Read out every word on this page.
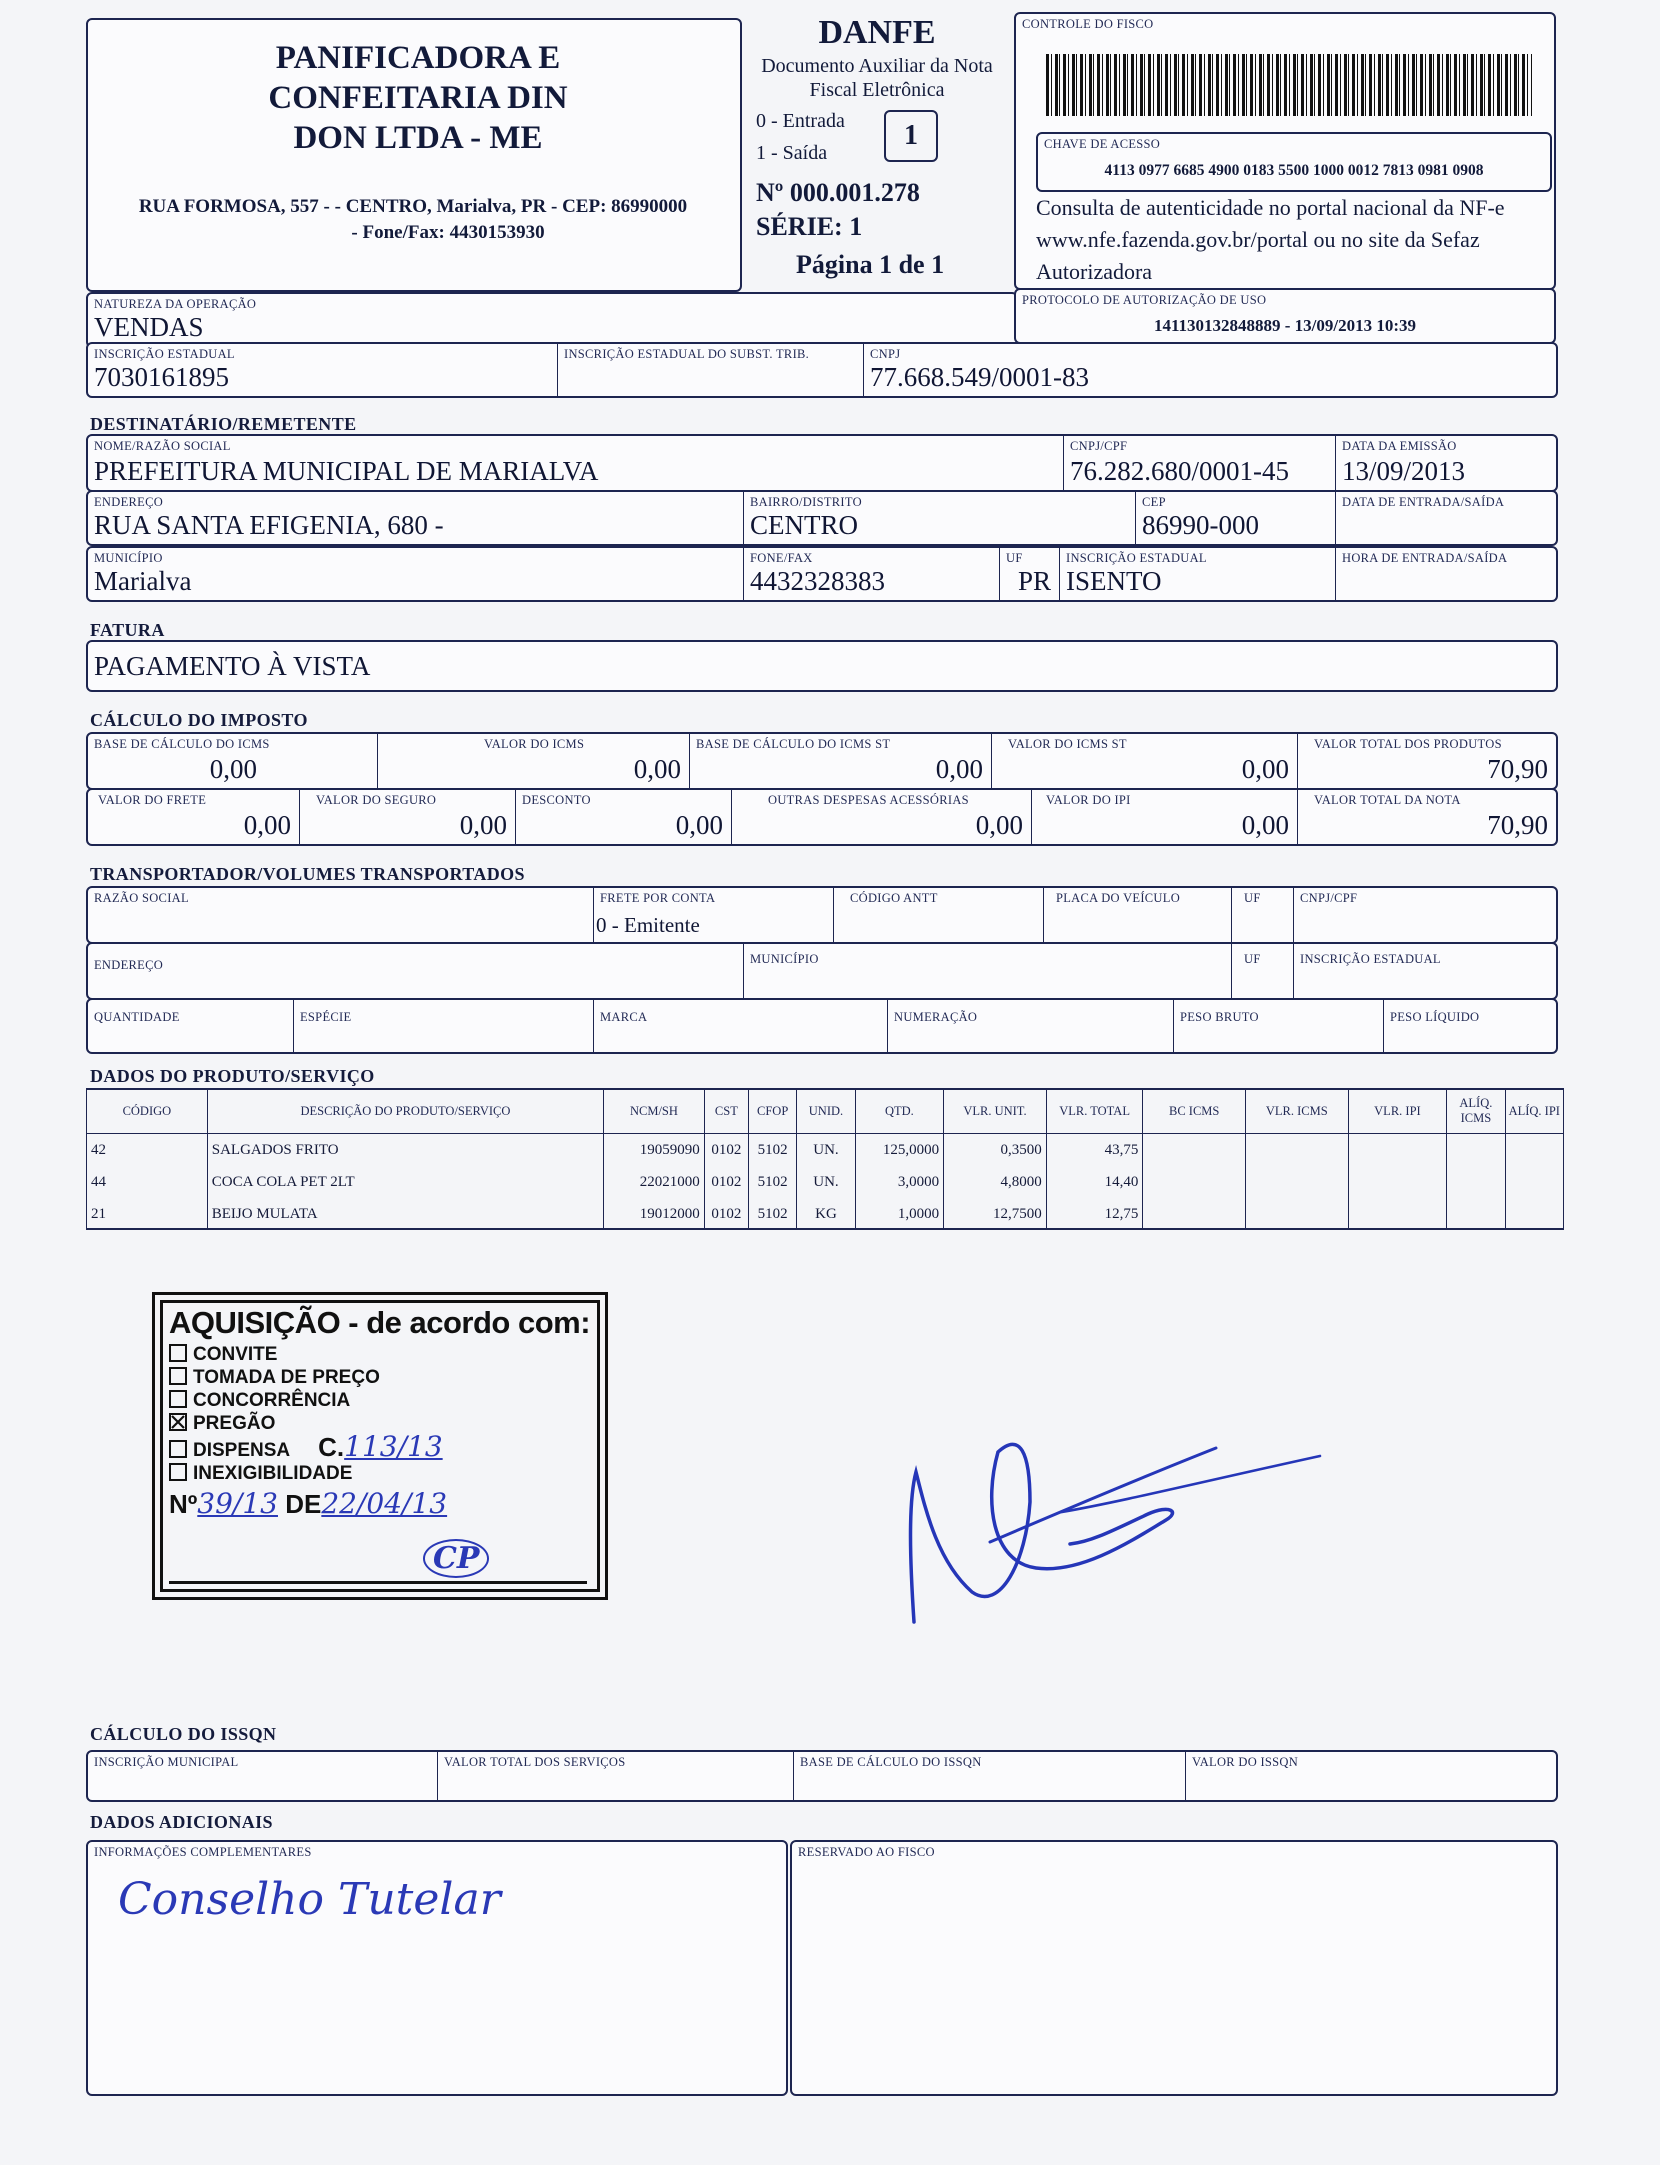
PANIFICADORA E CONFEITARIA DIN DON LTDA - ME
RUA FORMOSA, 557 - - CENTRO, Marialva, PR - CEP: 86990000
- Fone/Fax: 4430153930
DANFE
Documento Auxiliar da Nota Fiscal Eletrônica
0 - Entrada
1 - Saída
1
Nº 000.001.278
SÉRIE: 1
Página 1 de 1
CONTROLE DO FISCO
CHAVE DE ACESSO
4113 0977 6685 4900 0183 5500 1000 0012 7813 0981 0908
Consulta de autenticidade no portal nacional da NF-e www.nfe.fazenda.gov.br/portal ou no site da Sefaz Autorizadora
NATUREZA DA OPERAÇÃO
VENDAS
PROTOCOLO DE AUTORIZAÇÃO DE USO
141130132848889 - 13/09/2013 10:39
INSCRIÇÃO ESTADUAL
7030161895
INSCRIÇÃO ESTADUAL DO SUBST. TRIB.	CNPJ
77.668.549/0001-83
DESTINATÁRIO/REMETENTE
NOME/RAZÃO SOCIAL
PREFEITURA MUNICIPAL DE MARIALVA
CNPJ/CPF
76.282.680/0001-45
DATA DA EMISSÃO
13/09/2013
ENDEREÇO
RUA SANTA EFIGENIA, 680 -
BAIRRO/DISTRITO
CENTRO
CEP
86990-000
DATA DE ENTRADA/SAÍDA
MUNICÍPIO
Marialva
FONE/FAX
4432328383
UF
PR
INSCRIÇÃO ESTADUAL
ISENTO
HORA DE ENTRADA/SAÍDA
FATURA
PAGAMENTO À VISTA
CÁLCULO DO IMPOSTO
BASE DE CÁLCULO DO ICMS
0,00
VALOR DO ICMS
0,00
BASE DE CÁLCULO DO ICMS ST
0,00
VALOR DO ICMS ST
0,00
VALOR TOTAL DOS PRODUTOS
70,90
VALOR DO FRETE
0,00
VALOR DO SEGURO
0,00
DESCONTO
0,00
OUTRAS DESPESAS ACESSÓRIAS
0,00
VALOR DO IPI
0,00
VALOR TOTAL DA NOTA
70,90
TRANSPORTADOR/VOLUMES TRANSPORTADOS
RAZÃO SOCIAL	FRETE POR CONTA
0 - Emitente
CÓDIGO ANTT	PLACA DO VEÍCULO	UF	CNPJ/CPF
ENDEREÇO	MUNICÍPIO	UF	INSCRIÇÃO ESTADUAL
QUANTIDADE	ESPÉCIE	MARCA	NUMERAÇÃO	PESO BRUTO	PESO LÍQUIDO
DADOS DO PRODUTO/SERVIÇO
CÓDIGO	DESCRIÇÃO DO PRODUTO/SERVIÇO	NCM/SH	CST	CFOP	UNID.	QTD.	VLR. UNIT.	VLR. TOTAL	BC ICMS	VLR. ICMS	VLR. IPI	ALÍQ. ICMS	ALÍQ. IPI
42	SALGADOS FRITO	19059090	0102	5102	UN.	125,0000	0,3500	43,75					
44	COCA COLA PET 2LT	22021000	0102	5102	UN.	3,0000	4,8000	14,40					
21	BEIJO MULATA	19012000	0102	5102	KG	1,0000	12,7500	12,75					
AQUISIÇÃO - de acordo com:
CONVITE
TOMADA DE PREÇO
CONCORRÊNCIA
PREGÃO
DISPENSA C.113/13
INEXIGIBILIDADE
Nº39/13 DE22/04/13
CP
CÁLCULO DO ISSQN
INSCRIÇÃO MUNICIPAL	VALOR TOTAL DOS SERVIÇOS	BASE DE CÁLCULO DO ISSQN	VALOR DO ISSQN
DADOS ADICIONAIS
INFORMAÇÕES COMPLEMENTARES
Conselho Tutelar
RESERVADO AO FISCO
